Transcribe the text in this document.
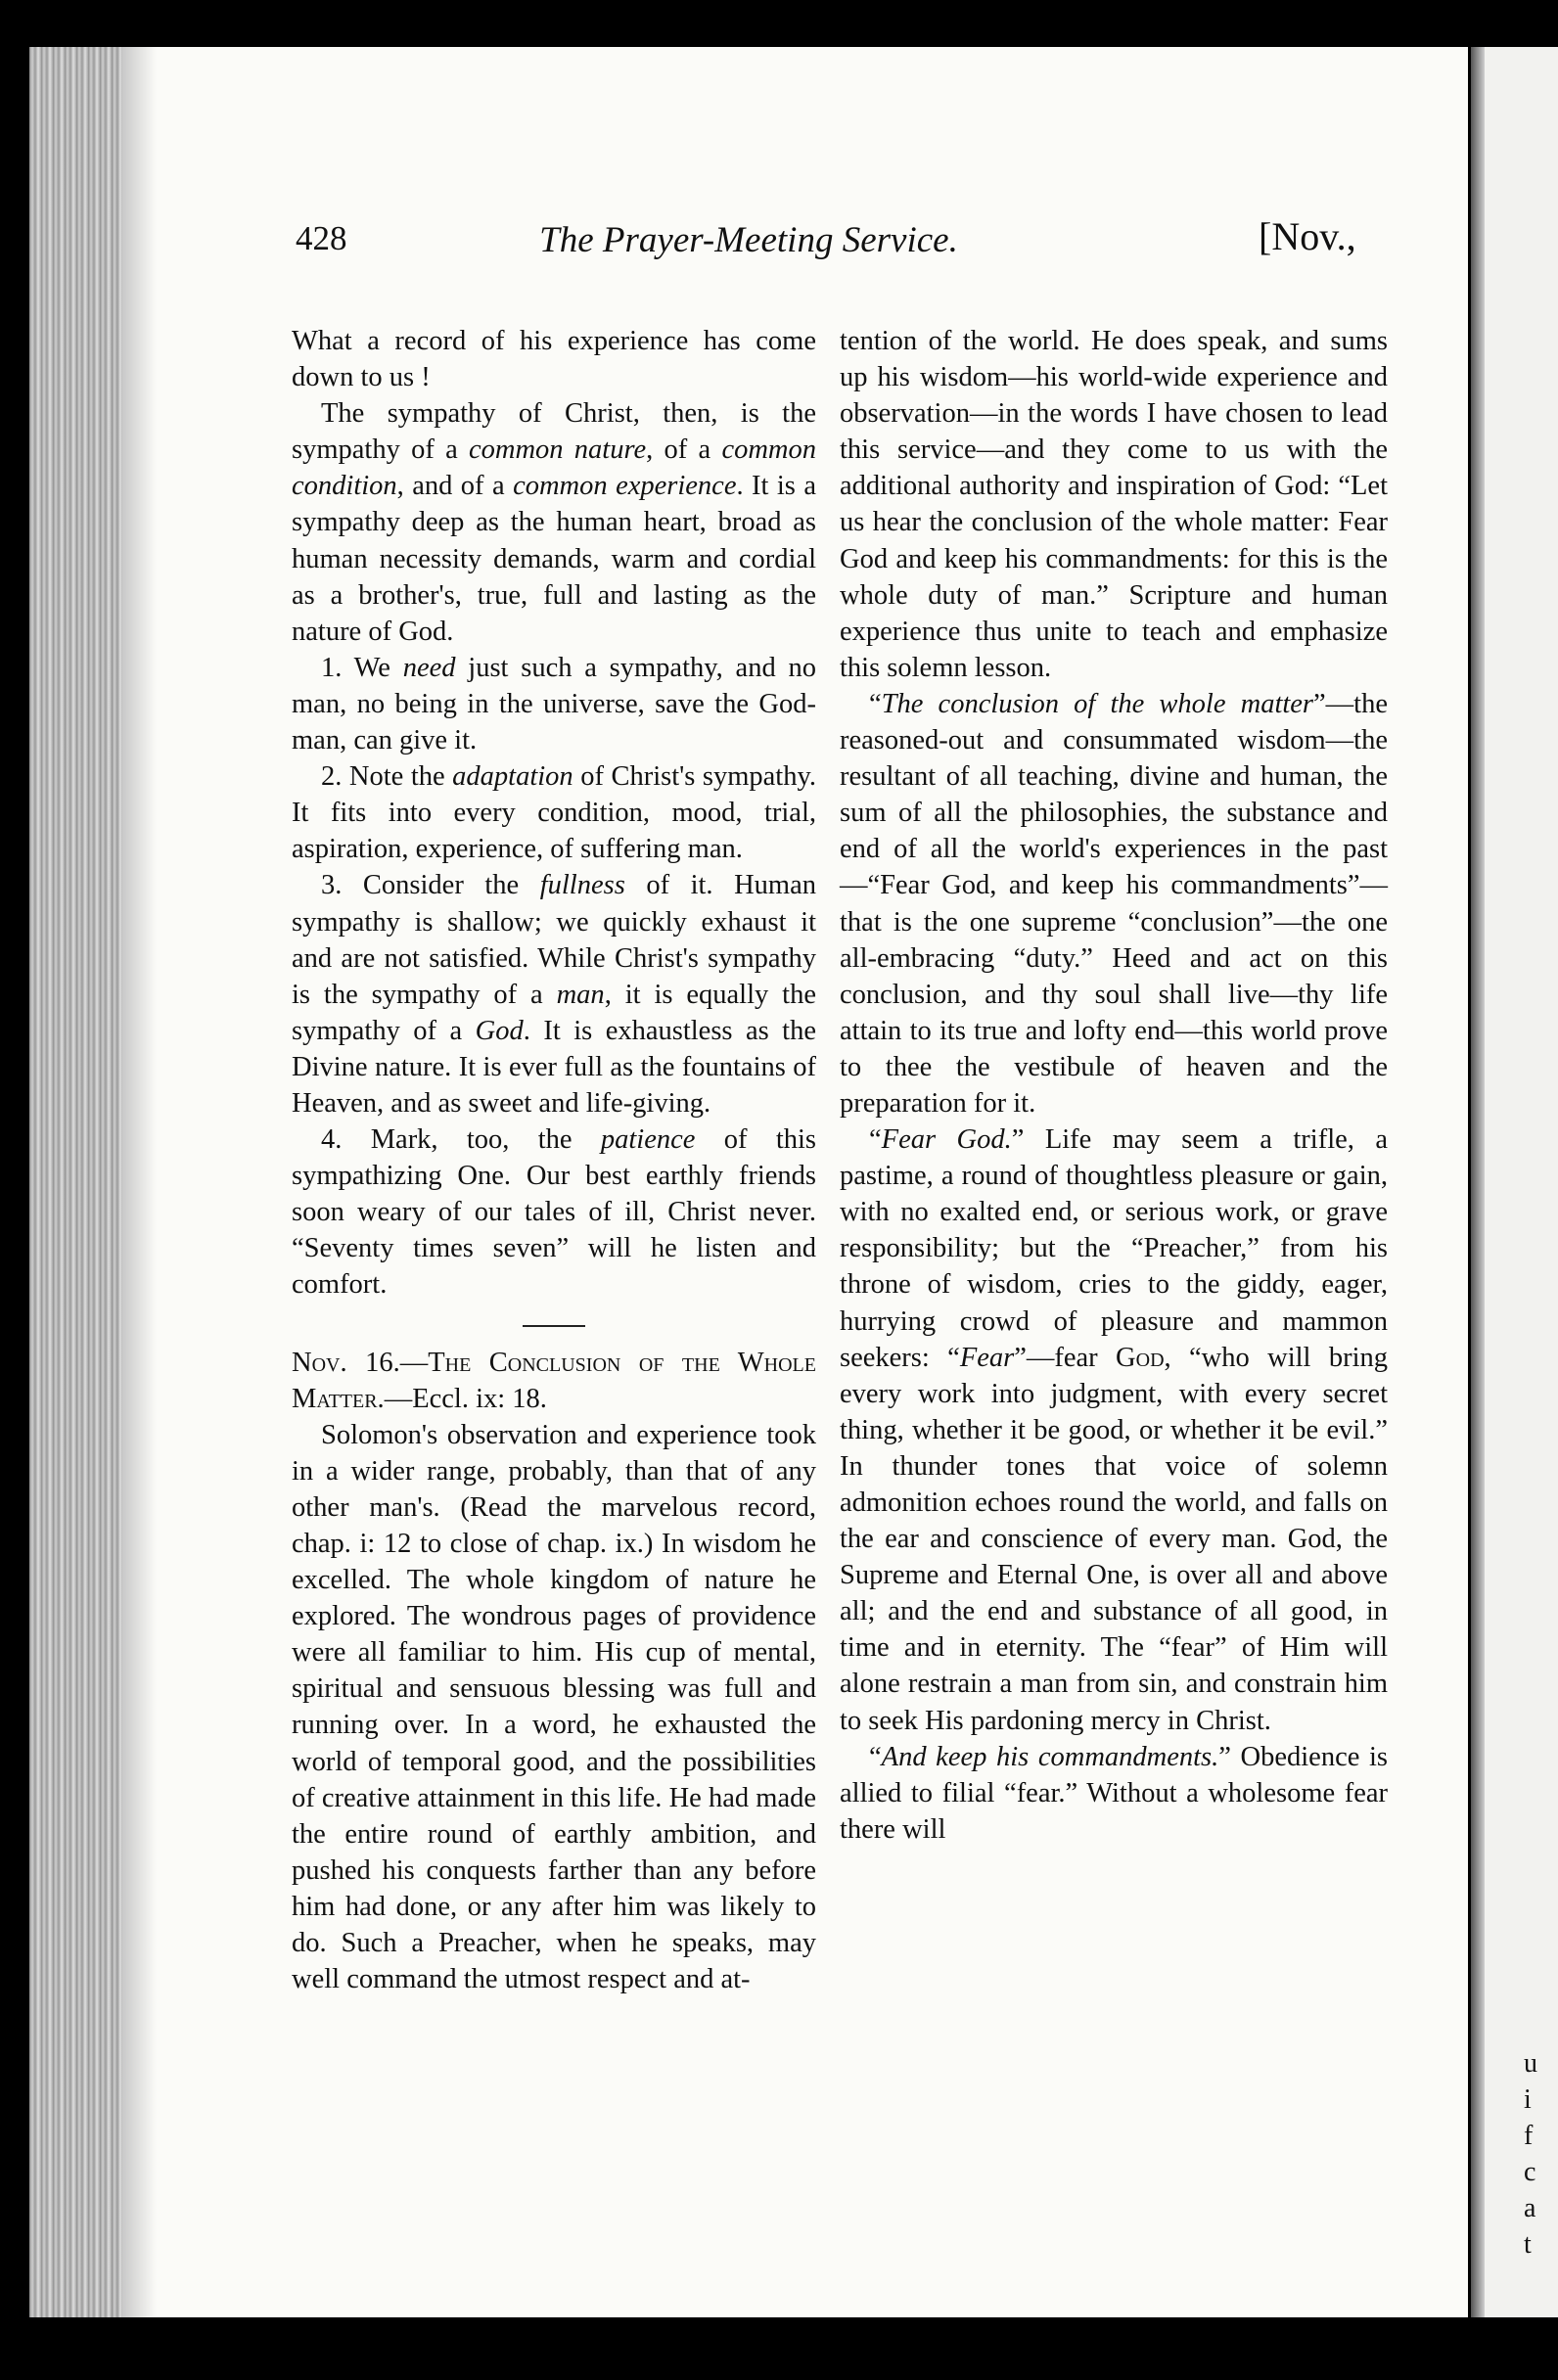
428	The Prayer-Meeting Service.	[Nov.,

What a record of his experience has come down to us !

The sympathy of Christ, then, is the sympathy of a common nature, of a common condition, and of a common experience. It is a sympathy deep as the human heart, broad as human necessity demands, warm and cordial as a brother's, true, full and lasting as the nature of God.

1. We need just such a sympathy, and no man, no being in the universe, save the God-man, can give it.

2. Note the adaptation of Christ's sympathy. It fits into every condition, mood, trial, aspiration, experience, of suffering man.

3. Consider the fullness of it. Human sympathy is shallow; we quickly exhaust it and are not satisfied. While Christ's sympathy is the sympathy of a man, it is equally the sympathy of a God. It is exhaustless as the Divine nature. It is ever full as the fountains of Heaven, and as sweet and life-giving.

4. Mark, too, the patience of this sympathizing One. Our best earthly friends soon weary of our tales of ill, Christ never. “Seventy times seven” will he listen and comfort.

Nov. 16.—The Conclusion of the Whole Matter.—Eccl. ix: 18.

Solomon's observation and experience took in a wider range, probably, than that of any other man's. (Read the marvelous record, chap. i: 12 to close of chap. ix.) In wisdom he excelled. The whole kingdom of nature he explored. The wondrous pages of providence were all familiar to him. His cup of mental, spiritual and sensuous blessing was full and running over. In a word, he exhausted the world of temporal good, and the possibilities of creative attainment in this life. He had made the entire round of earthly ambition, and pushed his conquests farther than any before him had done, or any after him was likely to do. Such a Preacher, when he speaks, may well command the utmost respect and at-

tention of the world. He does speak, and sums up his wisdom—his world-wide experience and observation—in the words I have chosen to lead this service—and they come to us with the additional authority and inspiration of God: “Let us hear the conclusion of the whole matter: Fear God and keep his commandments: for this is the whole duty of man.” Scripture and human experience thus unite to teach and emphasize this solemn lesson.

“The conclusion of the whole matter”—the reasoned-out and consummated wisdom—the resultant of all teaching, divine and human, the sum of all the philosophies, the substance and end of all the world's experiences in the past—“Fear God, and keep his commandments”—that is the one supreme “conclusion”—the one all-embracing “duty.” Heed and act on this conclusion, and thy soul shall live—thy life attain to its true and lofty end—this world prove to thee the vestibule of heaven and the preparation for it.

“Fear God.” Life may seem a trifle, a pastime, a round of thoughtless pleasure or gain, with no exalted end, or serious work, or grave responsibility; but the “Preacher,” from his throne of wisdom, cries to the giddy, eager, hurrying crowd of pleasure and mammon seekers: “Fear”—fear God, “who will bring every work into judgment, with every secret thing, whether it be good, or whether it be evil.” In thunder tones that voice of solemn admonition echoes round the world, and falls on the ear and conscience of every man. God, the Supreme and Eternal One, is over all and above all; and the end and substance of all good, in time and in eternity. The “fear” of Him will alone restrain a man from sin, and constrain him to seek His pardoning mercy in Christ.

“And keep his commandments.” Obedience is allied to filial “fear.” Without a wholesome fear there will

u
i
f
c
a
t
